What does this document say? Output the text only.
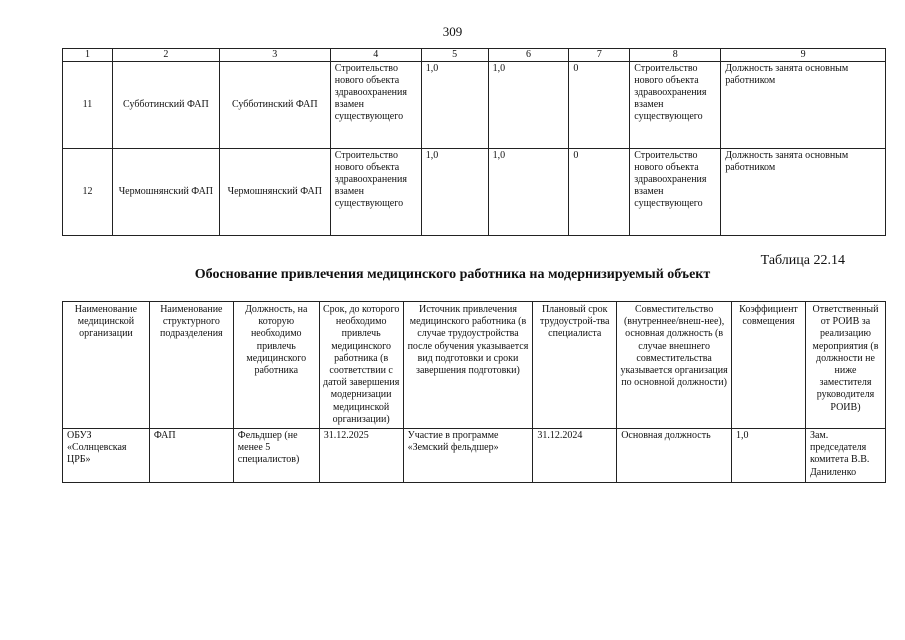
309
1	2	3	4	5	6	7	8	9
11	Субботинский ФАП	Субботинский ФАП	Строительство нового объекта здравоохранения взамен существующего	1,0	1,0	0	Строительство нового объекта здравоохранения взамен существующего	Должность занята основным работником
12	Чермошнянский ФАП	Чермошнянский ФАП	Строительство нового объекта здравоохранения взамен существующего	1,0	1,0	0	Строительство нового объекта здравоохранения взамен существующего	Должность занята основным работником
Таблица 22.14
Обоснование привлечения медицинского работника на модернизируемый объект
Наименование медицинской организации	Наименование структурного подразделения	Должность, на которую необходимо привлечь медицинского работника	Срок, до которого необходимо привлечь медицинского работника (в соответствии с датой завершения модернизации медицинской организации)	Источник привлечения медицинского работника (в случае трудоустройства после обучения указывается вид подготовки и сроки завершения подготовки)	Плановый срок трудоустрой-тва специалиста	Совместительство (внутреннее/внеш-нее), основная должность (в случае внешнего совместительства указывается организация по основной должности)	Коэффициент совмещения	Ответственный от РОИВ за реализацию мероприятия (в должности не ниже заместителя руководителя РОИВ)
ОБУЗ «Солнцевская ЦРБ»	ФАП	Фельдшер (не менее 5 специалистов)	31.12.2025	Участие в программе «Земский фельдшер»	31.12.2024	Основная должность	1,0	Зам. председателя комитета В.В. Даниленко
